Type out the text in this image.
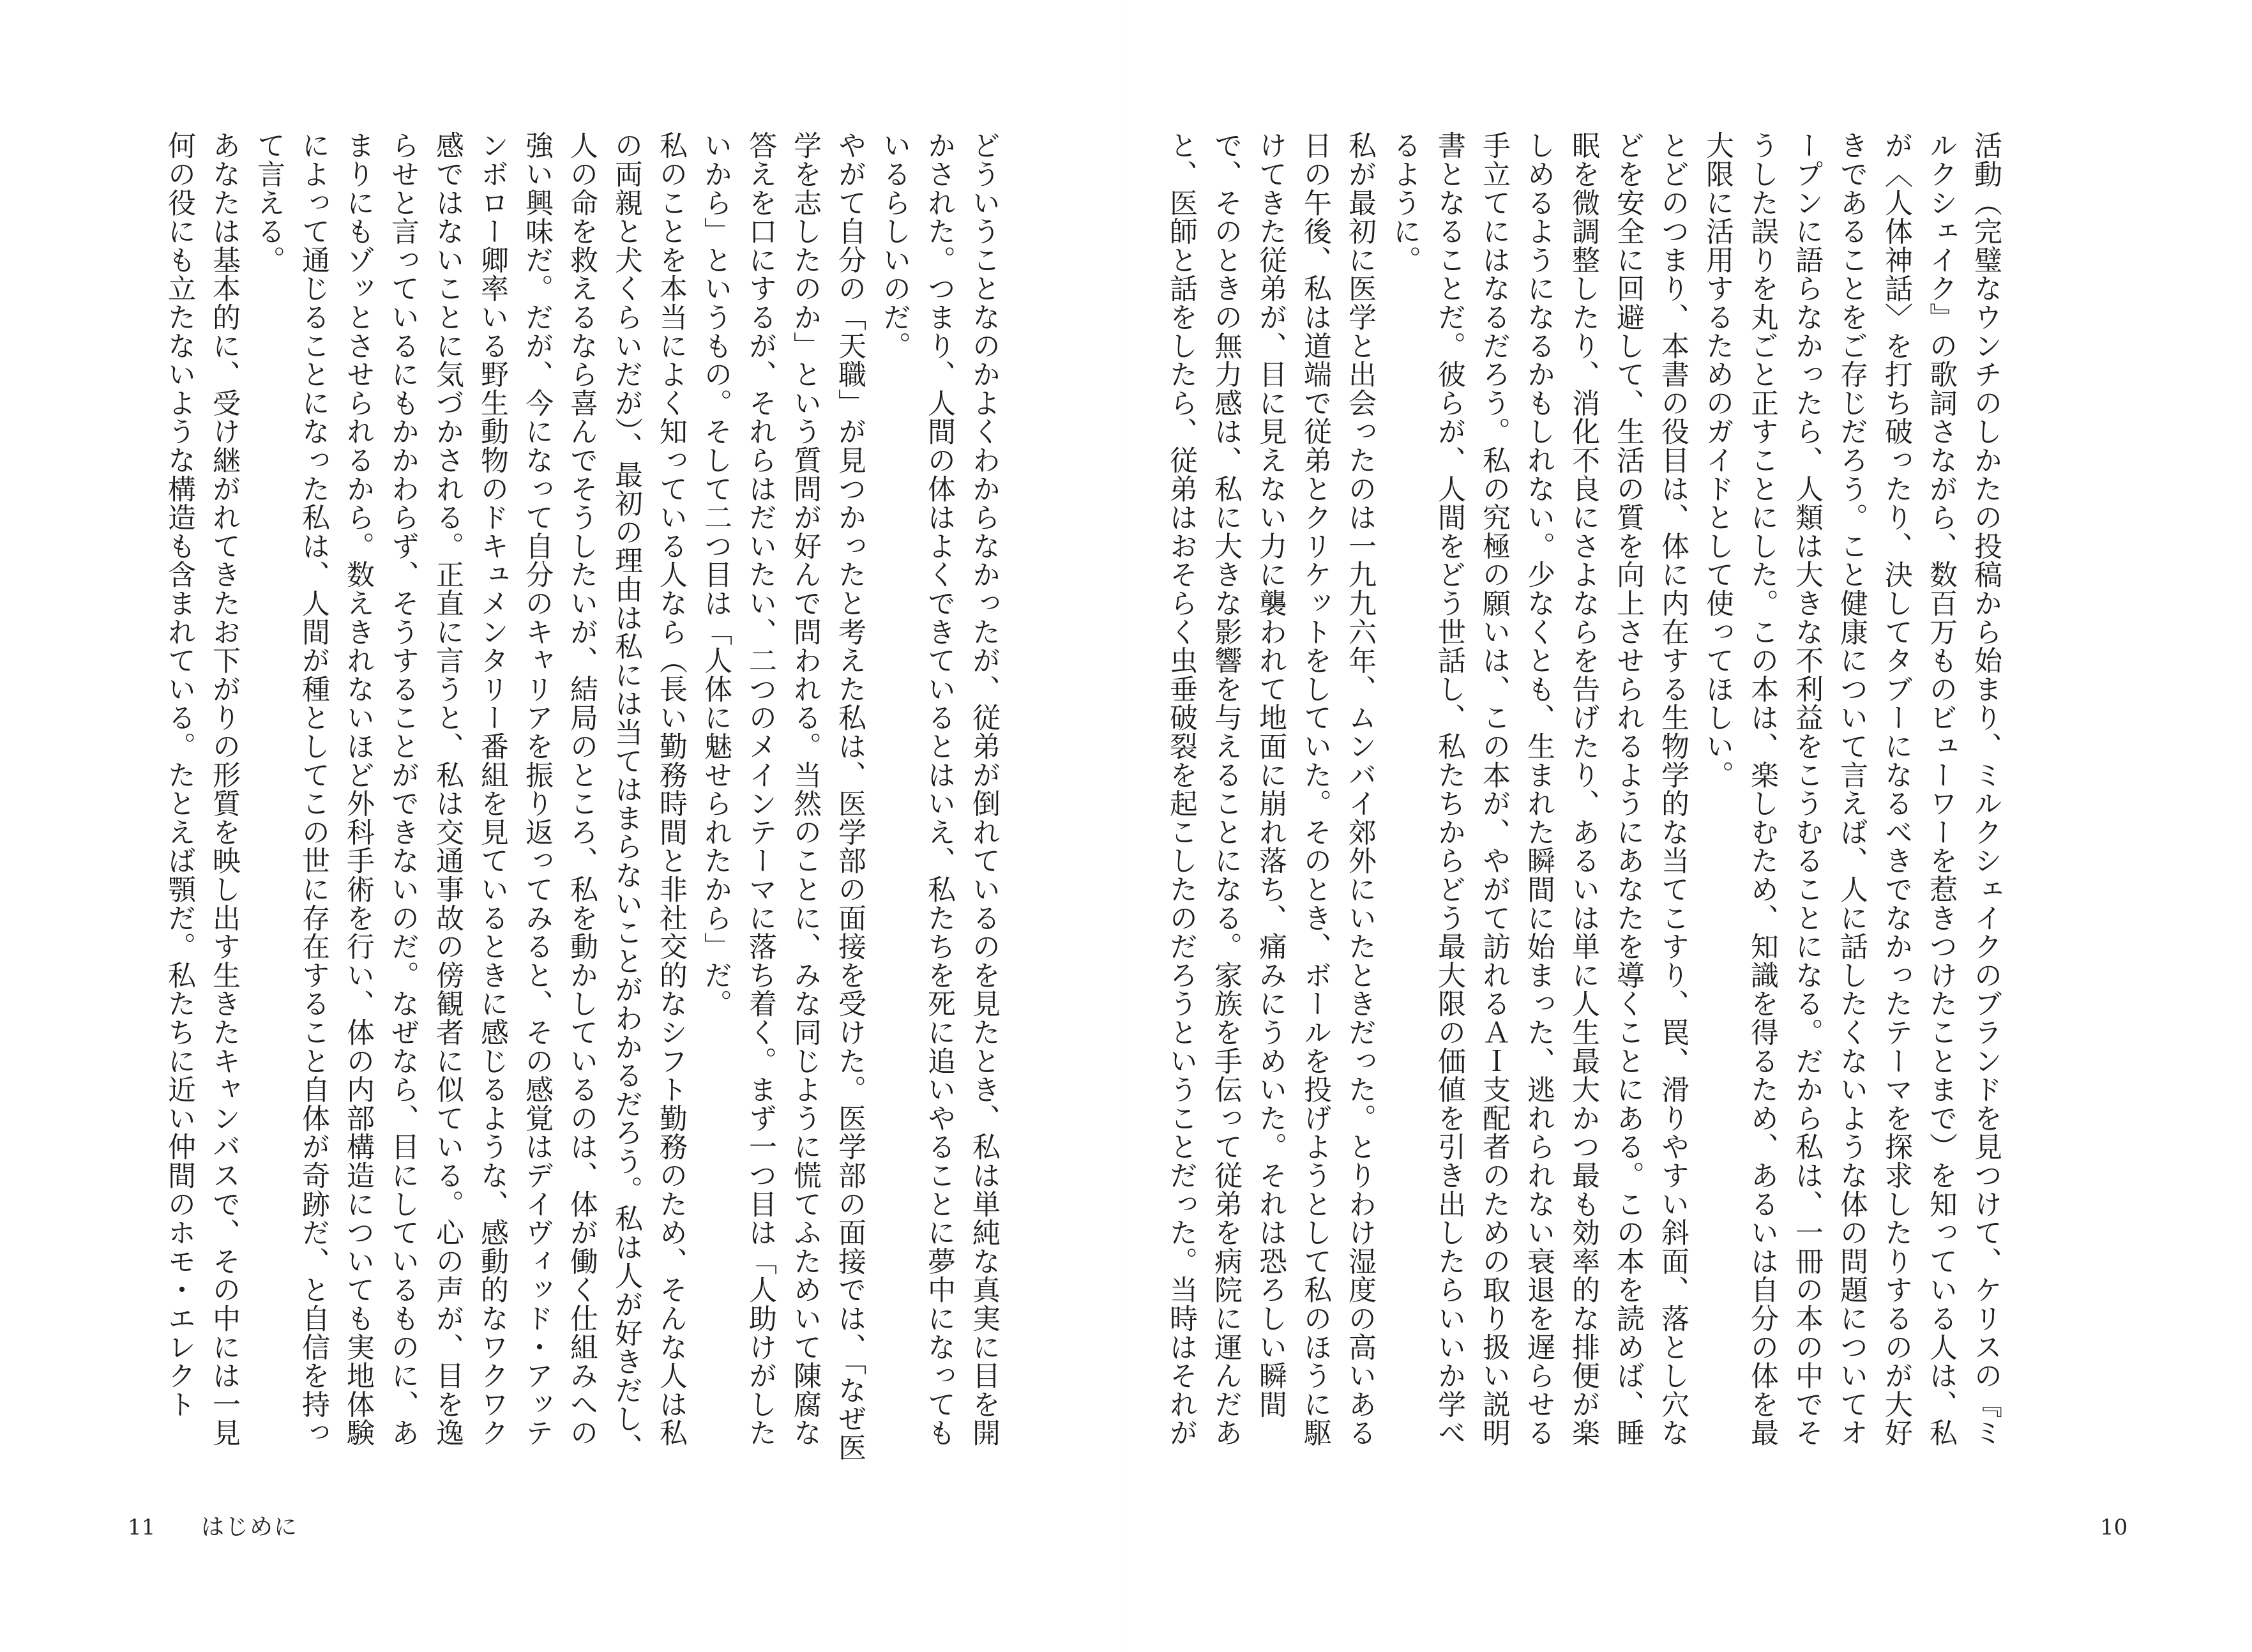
活動（完璧なウンチのしかたの投稿から始まり、ミルクシェイクのブランドを見つけて、ケリスの『ミルクシェイク』の歌詞さながら、数百万ものビューワーを惹きつけたことまで）を知っている人は、私が〈人体神話〉を打ち破ったり、決してタブーになるべきでなかったテーマを探求したりするのが大好きであることをご存じだろう。こと健康について言えば、人に話したくないような体の問題についてオープンに語らなかったら、人類は大きな不利益をこうむることになる。だから私は、一冊の本の中でそうした誤りを丸ごと正すことにした。この本は、楽しむため、知識を得るため、あるいは自分の体を最大限に活用するためのガイドとして使ってほしい。

とどのつまり、本書の役目は、体に内在する生物学的な当てこすり、罠、滑りやすい斜面、落とし穴などを安全に回避して、生活の質を向上させられるようにあなたを導くことにある。この本を読めば、睡眠を微調整したり、消化不良にさよならを告げたり、あるいは単に人生最大かつ最も効率的な排便が楽しめるようになるかもしれない。少なくとも、生まれた瞬間に始まった、逃れられない衰退を遅らせる手立てにはなるだろう。私の究極の願いは、この本が、やがて訪れるＡＩ支配者のための取り扱い説明書となることだ。彼らが、人間をどう世話し、私たちからどう最大限の価値を引き出したらいいか学べるように。

私が最初に医学と出会ったのは一九九六年、ムンバイ郊外にいたときだった。とりわけ湿度の高いある日の午後、私は道端で従弟とクリケットをしていた。そのとき、ボールを投げようとして私のほうに駆けてきた従弟が、目に見えない力に襲われて地面に崩れ落ち、痛みにうめいた。それは恐ろしい瞬間で、そのときの無力感は、私に大きな影響を与えることになる。家族を手伝って従弟を病院に運んだあと、医師と話をしたら、従弟はおそらく虫垂破裂を起こしたのだろうということだった。当時はそれが

10

どういうことなのかよくわからなかったが、従弟が倒れているのを見たとき、私は単純な真実に目を開かされた。つまり、人間の体はよくできているとはいえ、私たちを死に追いやることに夢中になってもいるらしいのだ。

やがて自分の「天職」が見つかったと考えた私は、医学部の面接を受けた。医学部の面接では、「なぜ医学を志したのか」という質問が好んで問われる。当然のことに、みな同じように慌てふためいて陳腐な答えを口にするが、それらはだいたい、二つのメインテーマに落ち着く。まず一つ目は「人助けがしたいから」というもの。そして二つ目は「人体に魅せられたから」だ。

私のことを本当によく知っている人なら（長い勤務時間と非社交的なシフト勤務のため、そんな人は私の両親と犬くらいだが）、最初の理由は私には当てはまらないことがわかるだろう。私は人が好きだし、人の命を救えるなら喜んでそうしたいが、結局のところ、私を動かしているのは、体が働く仕組みへの強い興味だ。だが、今になって自分のキャリアを振り返ってみると、その感覚はデイヴィッド・アッテンボロー卿率いる野生動物のドキュメンタリー番組を見ているときに感じるような、感動的なワクワク感ではないことに気づかされる。正直に言うと、私は交通事故の傍観者に似ている。心の声が、目を逸らせと言っているにもかかわらず、そうすることができないのだ。なぜなら、目にしているものに、あまりにもゾッとさせられるから。数えきれないほど外科手術を行い、体の内部構造についても実地体験によって通じることになった私は、人間が種としてこの世に存在すること自体が奇跡だ、と自信を持って言える。

あなたは基本的に、受け継がれてきたお下がりの形質を映し出す生きたキャンバスで、その中には一見何の役にも立たないような構造も含まれている。たとえば顎だ。私たちに近い仲間のホモ・エレクト

11 はじめに
